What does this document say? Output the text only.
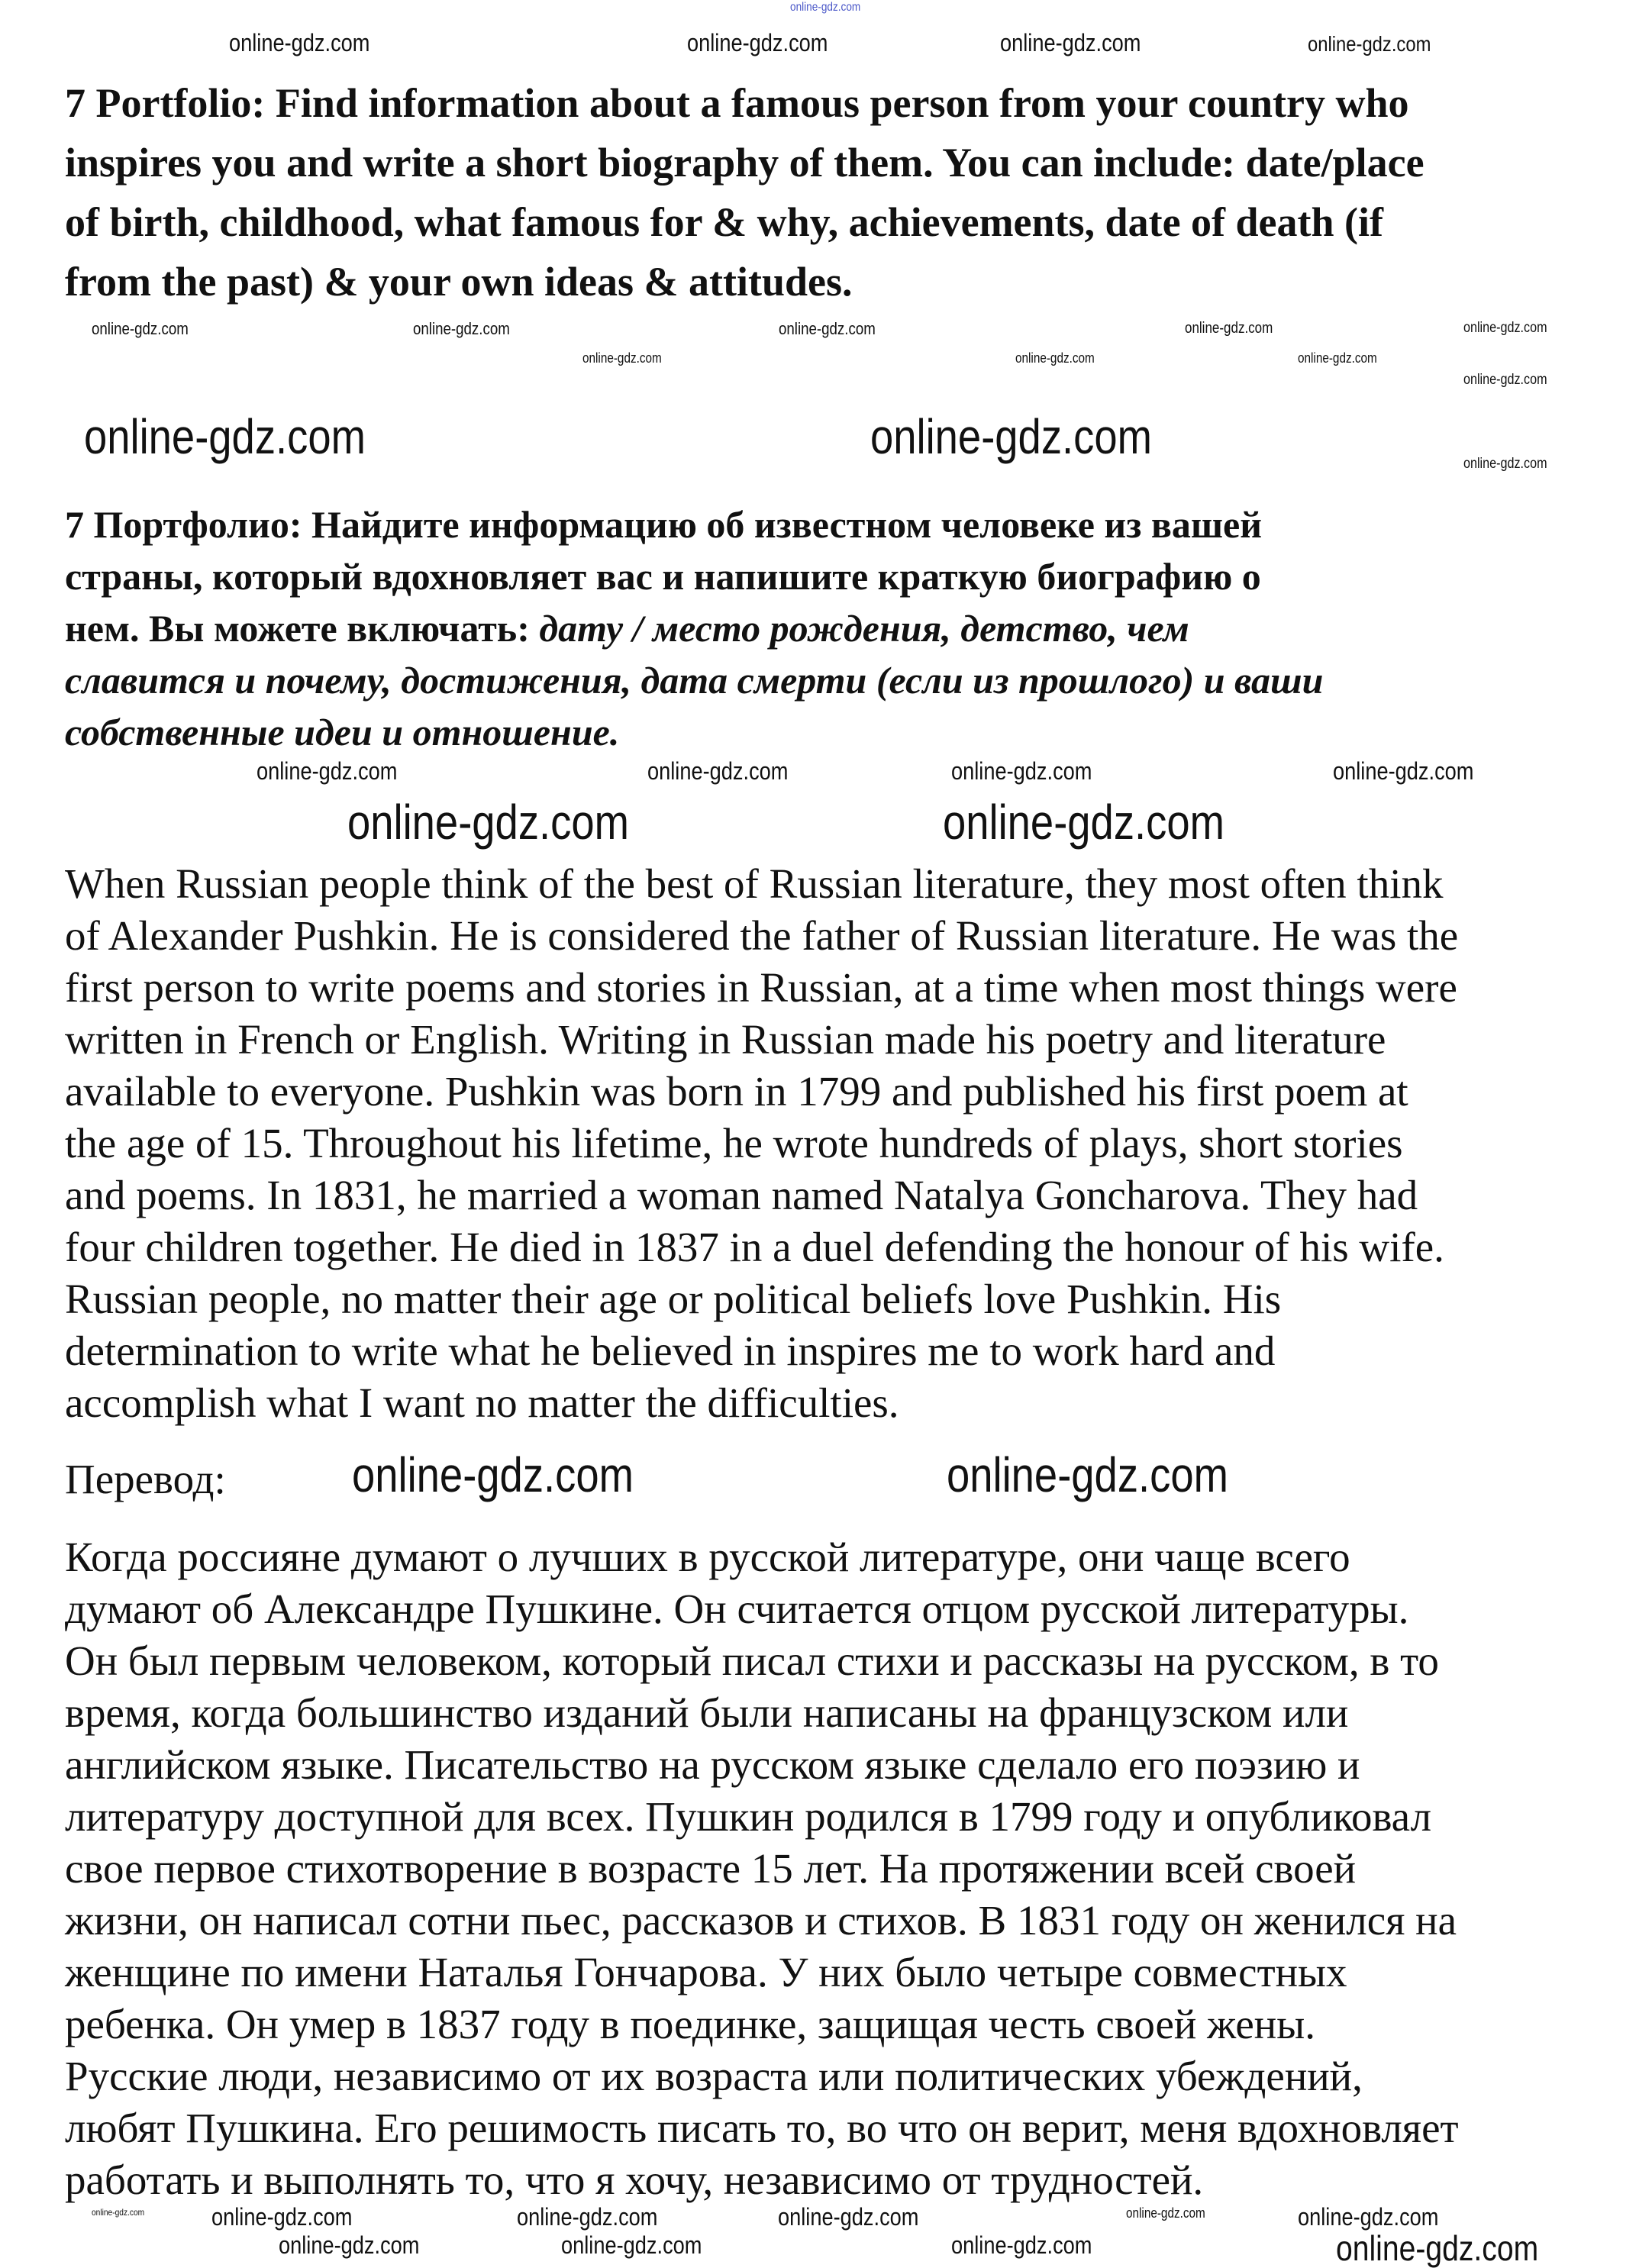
7 Portfolio: Find information about a famous person from your country who
inspires you and write a short biography of them. You can include: date/place
of birth, childhood, what famous for & why, achievements, date of death (if
from the past) & your own ideas & attitudes.
7 Портфолио: Найдите информацию об известном человеке из вашей
страны, который вдохновляет вас и напишите краткую биографию о
нем. Вы можете включать: дату / место рождения, детство, чем
славится и почему, достижения, дата смерти (если из прошлого) и ваши
собственные идеи и отношение.
When Russian people think of the best of Russian literature, they most often think
of Alexander Pushkin. He is considered the father of Russian literature. He was the
first person to write poems and stories in Russian, at a time when most things were
written in French or English. Writing in Russian made his poetry and literature
available to everyone. Pushkin was born in 1799 and published his first poem at
the age of 15. Throughout his lifetime, he wrote hundreds of plays, short stories
and poems. In 1831, he married a woman named Natalya Goncharova. They had
four children together. He died in 1837 in a duel defending the honour of his wife.
Russian people, no matter their age or political beliefs love Pushkin. His
determination to write what he believed in inspires me to work hard and
accomplish what I want no matter the difficulties.
Перевод:
Когда россияне думают о лучших в русской литературе, они чаще всего
думают об Александре Пушкине. Он считается отцом русской литературы.
Он был первым человеком, который писал стихи и рассказы на русском, в то
время, когда большинство изданий были написаны на французском или
английском языке. Писательство на русском языке сделало его поэзию и
литературу доступной для всех. Пушкин родился в 1799 году и опубликовал
свое первое стихотворение в возрасте 15 лет. На протяжении всей своей
жизни, он написал сотни пьес, рассказов и стихов. В 1831 году он женился на
женщине по имени Наталья Гончарова. У них было четыре совместных
ребенка. Он умер в 1837 году в поединке, защищая честь своей жены.
Русские люди, независимо от их возраста или политических убеждений,
любят Пушкина. Его решимость писать то, во что он верит, меня вдохновляет
работать и выполнять то, что я хочу, независимо от трудностей.
online-gdz.com
online-gdz.com	online-gdz.com	online-gdz.com	online-gdz.com
online-gdz.com	online-gdz.com	online-gdz.com	online-gdz.com	online-gdz.com
online-gdz.com	online-gdz.com	online-gdz.com
online-gdz.com
online-gdz.com	online-gdz.com	online-gdz.com
online-gdz.com	online-gdz.com	online-gdz.com	online-gdz.com
online-gdz.com	online-gdz.com
online-gdz.com	online-gdz.com
online-gdz.com	online-gdz.com	online-gdz.com	online-gdz.com	online-gdz.com	online-gdz.com
online-gdz.com	online-gdz.com	online-gdz.com	online-gdz.com
